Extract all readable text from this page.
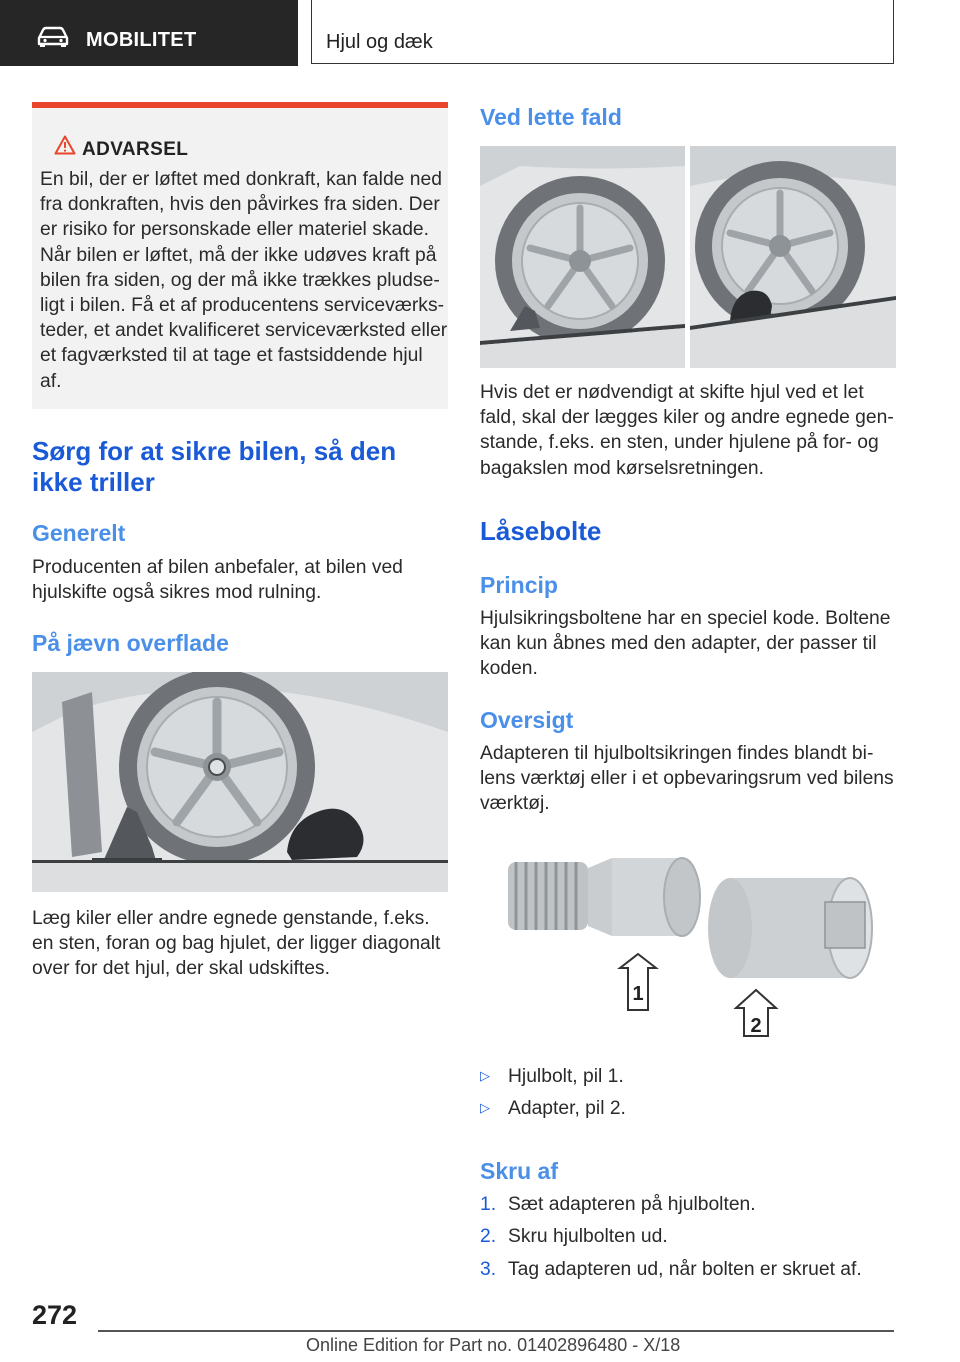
MOBILITET	Hjul og dæk
ADVARSEL
En bil, der er løftet med donkraft, kan falde ned
fra donkraften, hvis den påvirkes fra siden. Der
er risiko for personskade eller materiel skade.
Når bilen er løftet, må der ikke udøves kraft på
bilen fra siden, og der må ikke trækkes pludse-
ligt i bilen. Få et af producentens serviceværks-
teder, et andet kvalificeret serviceværksted eller
et fagværksted til at tage et fastsiddende hjul
af.
Sørg for at sikre bilen, så den
ikke triller
Generelt
Producenten af bilen anbefaler, at bilen ved
hjulskifte også sikres mod rulning.
På jævn overflade
Læg kiler eller andre egnede genstande, f.eks.
en sten, foran og bag hjulet, der ligger diagonalt
over for det hjul, der skal udskiftes.
Ved lette fald
Hvis det er nødvendigt at skifte hjul ved et let
fald, skal der lægges kiler og andre egnede gen-
stande, f.eks. en sten, under hjulene på for- og
bagakslen mod kørselsretningen.
Låsebolte
Princip
Hjulsikringsboltene har en speciel kode. Boltene
kan kun åbnes med den adapter, der passer til
koden.
Oversigt
Adapteren til hjulboltsikringen findes blandt bi-
lens værktøj eller i et opbevaringsrum ved bilens
værktøj.
1
2
▷ Hjulbolt, pil 1.
▷ Adapter, pil 2.
Skru af
1. Sæt adapteren på hjulbolten.
2. Skru hjulbolten ud.
3. Tag adapteren ud, når bolten er skruet af.
272
Online Edition for Part no. 01402896480 - X/18
